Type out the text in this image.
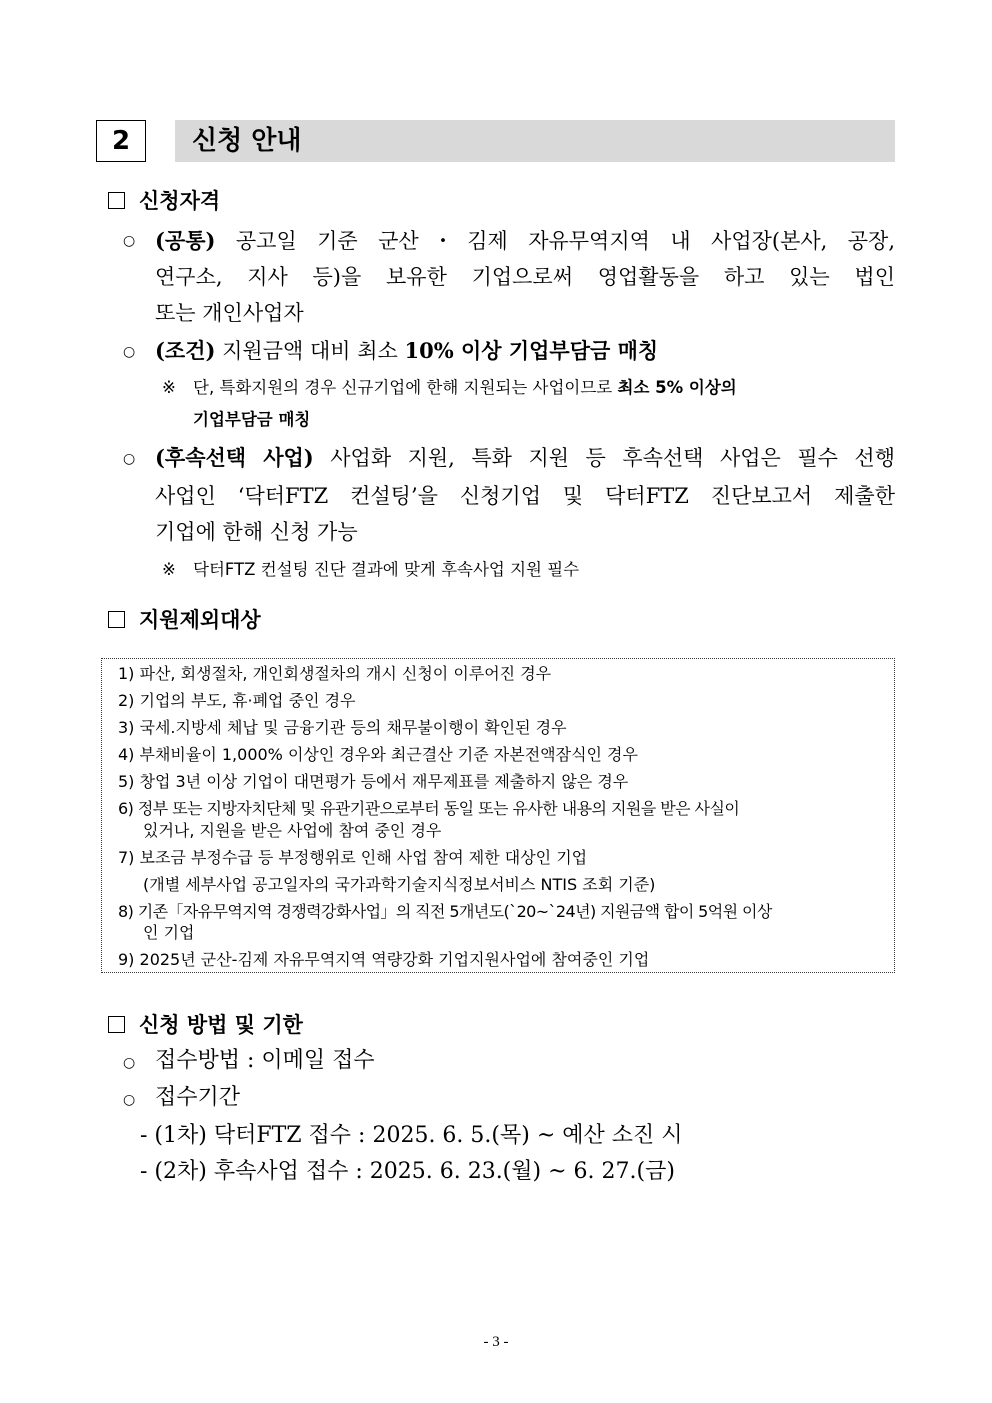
2	신청 안내
신청자격
○ (공통) 공고일 기준 군산・김제 자유무역지역 내 사업장(본사, 공장,
연구소, 지사 등)을 보유한 기업으로써 영업활동을 하고 있는 법인
또는 개인사업자
○ (조건) 지원금액 대비 최소 10% 이상 기업부담금 매칭
※ 단, 특화지원의 경우 신규기업에 한해 지원되는 사업이므로 최소 5% 이상의
기업부담금 매칭
○ (후속선택 사업) 사업화 지원, 특화 지원 등 후속선택 사업은 필수 선행
사업인 ‘닥터FTZ 컨설팅’을 신청기업 및 닥터FTZ 진단보고서 제출한
기업에 한해 신청 가능
※ 닥터FTZ 컨설팅 진단 결과에 맞게 후속사업 지원 필수
지원제외대상
1) 파산, 회생절차, 개인회생절차의 개시 신청이 이루어진 경우
2) 기업의 부도, 휴·폐업 중인 경우
3) 국세.지방세 체납 및 금융기관 등의 채무불이행이 확인된 경우
4) 부채비율이 1,000% 이상인 경우와 최근결산 기준 자본전액잠식인 경우
5) 창업 3년 이상 기업이 대면평가 등에서 재무제표를 제출하지 않은 경우
6) 정부 또는 지방자치단체 및 유관기관으로부터 동일 또는 유사한 내용의 지원을 받은 사실이
있거나, 지원을 받은 사업에 참여 중인 경우
7) 보조금 부정수급 등 부정행위로 인해 사업 참여 제한 대상인 기업
(개별 세부사업 공고일자의 국가과학기술지식정보서비스 NTIS 조회 기준)
8) 기존「자유무역지역 경쟁력강화사업」의 직전 5개년도(`20~`24년) 지원금액 합이 5억원 이상
인 기업
9) 2025년 군산-김제 자유무역지역 역량강화 기업지원사업에 참여중인 기업
신청 방법 및 기한
○ 접수방법 : 이메일 접수
○ 접수기간
- (1차) 닥터FTZ 접수 : 2025. 6. 5.(목) ~ 예산 소진 시
- (2차) 후속사업 접수 : 2025. 6. 23.(월) ~ 6. 27.(금)
- 3 -
